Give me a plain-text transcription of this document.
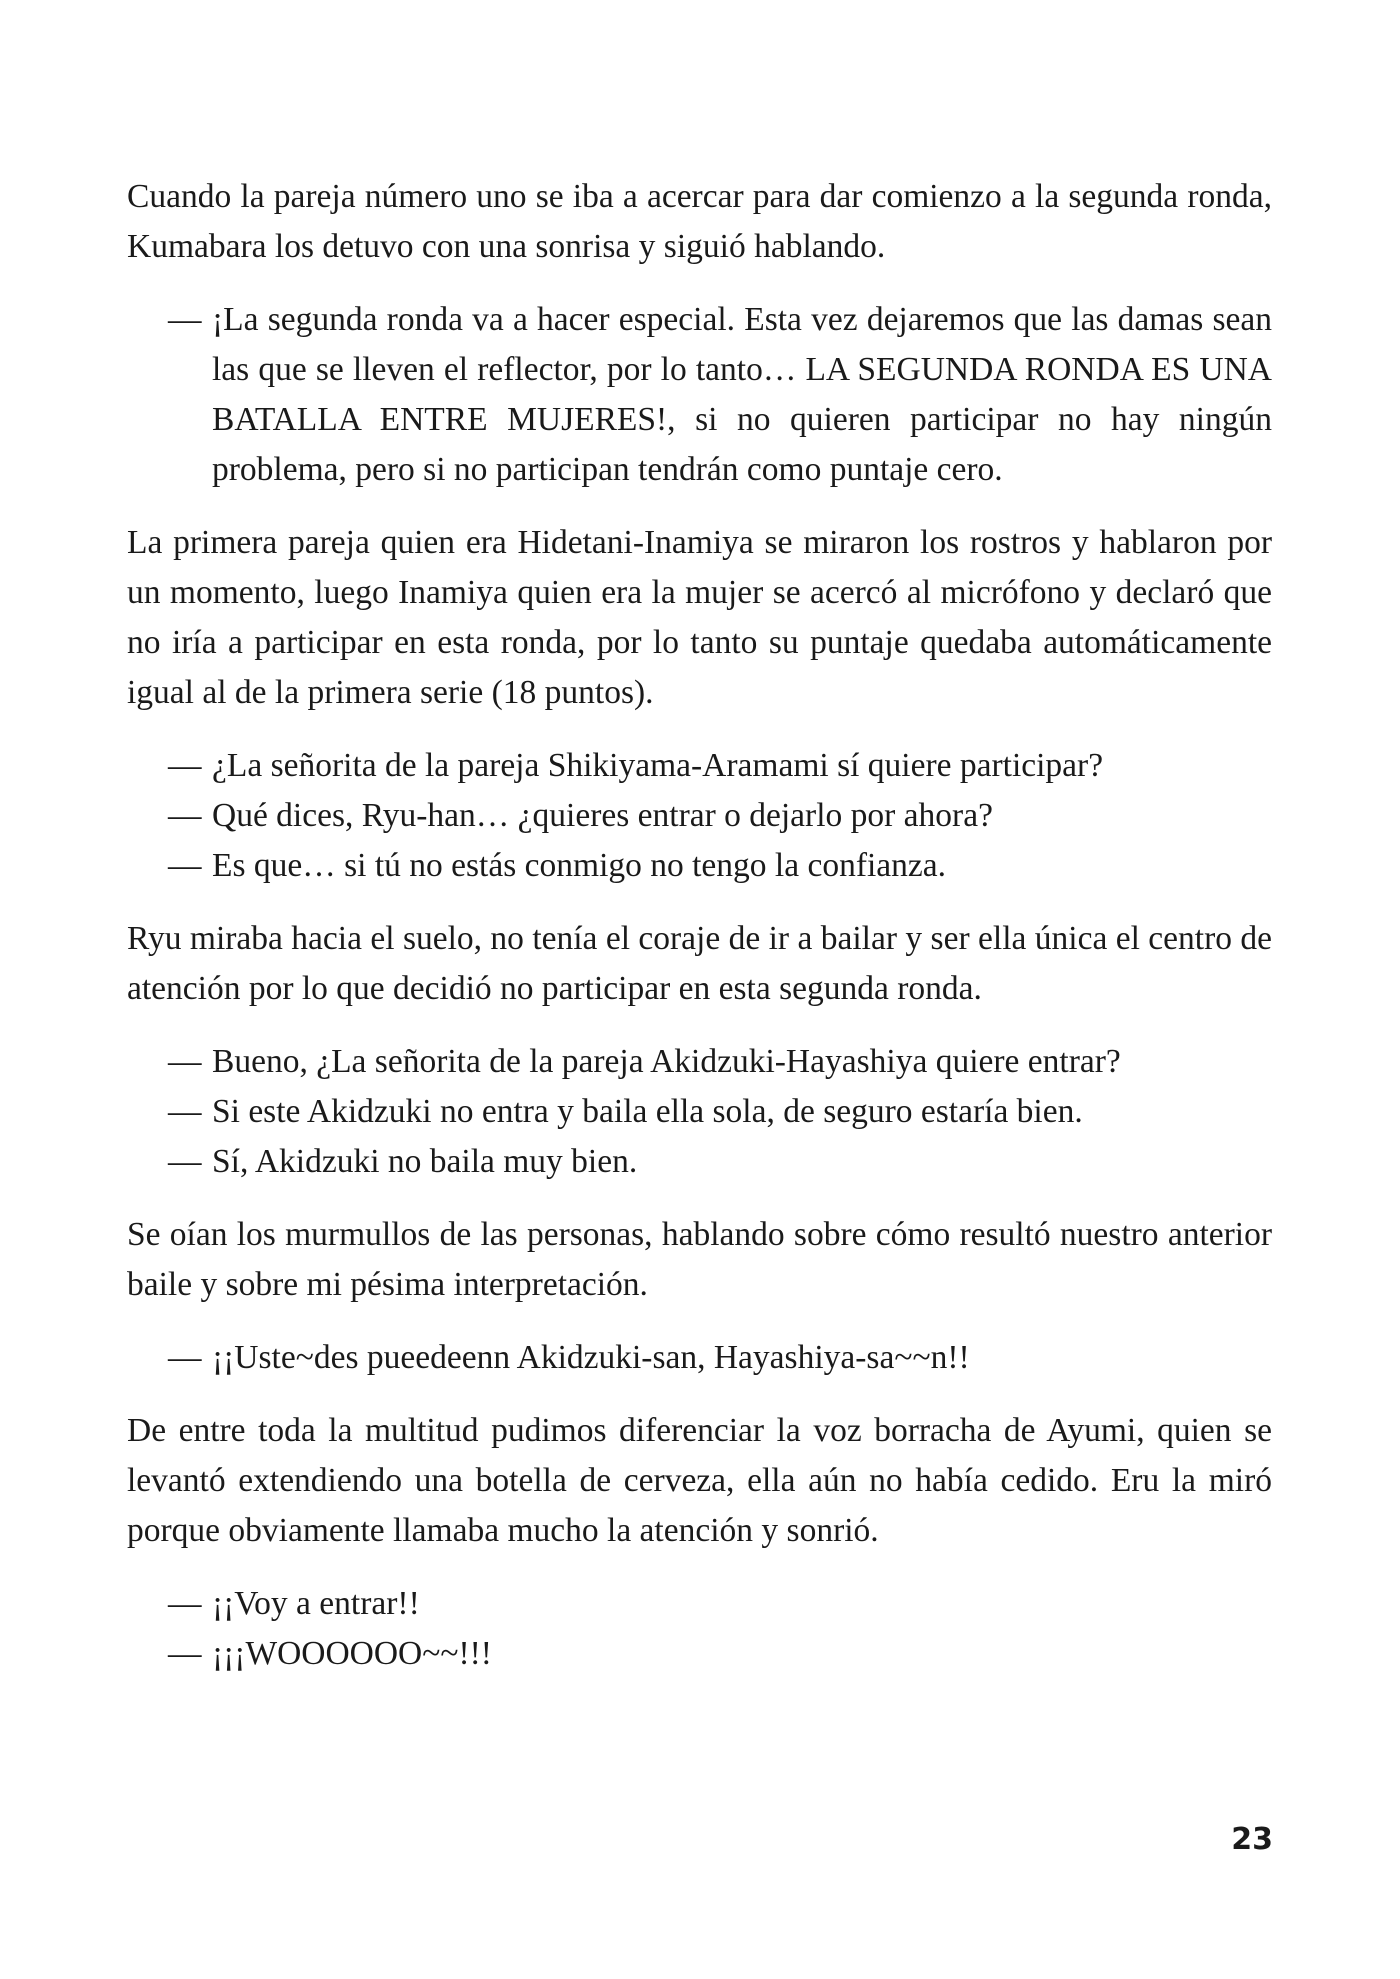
Cuando la pareja número uno se iba a acercar para dar comienzo a la segunda ronda, Kumabara los detuvo con una sonrisa y siguió hablando.

— ¡La segunda ronda va a hacer especial. Esta vez dejaremos que las damas sean las que se lleven el reflector, por lo tanto… LA SEGUNDA RONDA ES UNA BATALLA ENTRE MUJERES!, si no quieren participar no hay ningún problema, pero si no participan tendrán como puntaje cero.

La primera pareja quien era Hidetani-Inamiya se miraron los rostros y hablaron por un momento, luego Inamiya quien era la mujer se acercó al micrófono y declaró que no iría a participar en esta ronda, por lo tanto su puntaje quedaba automáticamente igual al de la primera serie (18 puntos).

— ¿La señorita de la pareja Shikiyama-Aramami sí quiere participar?

— Qué dices, Ryu-han… ¿quieres entrar o dejarlo por ahora?

— Es que… si tú no estás conmigo no tengo la confianza.

Ryu miraba hacia el suelo, no tenía el coraje de ir a bailar y ser ella única el centro de atención por lo que decidió no participar en esta segunda ronda.

— Bueno, ¿La señorita de la pareja Akidzuki-Hayashiya quiere entrar?

— Si este Akidzuki no entra y baila ella sola, de seguro estaría bien.

— Sí, Akidzuki no baila muy bien.

Se oían los murmullos de las personas, hablando sobre cómo resultó nuestro anterior baile y sobre mi pésima interpretación.

— ¡¡Uste~des pueedeenn Akidzuki-san, Hayashiya-sa~~n!!

De entre toda la multitud pudimos diferenciar la voz borracha de Ayumi, quien se levantó extendiendo una botella de cerveza, ella aún no había cedido. Eru la miró porque obviamente llamaba mucho la atención y sonrió.

— ¡¡Voy a entrar!!

— ¡¡¡WOOOOOO~~!!!

23
